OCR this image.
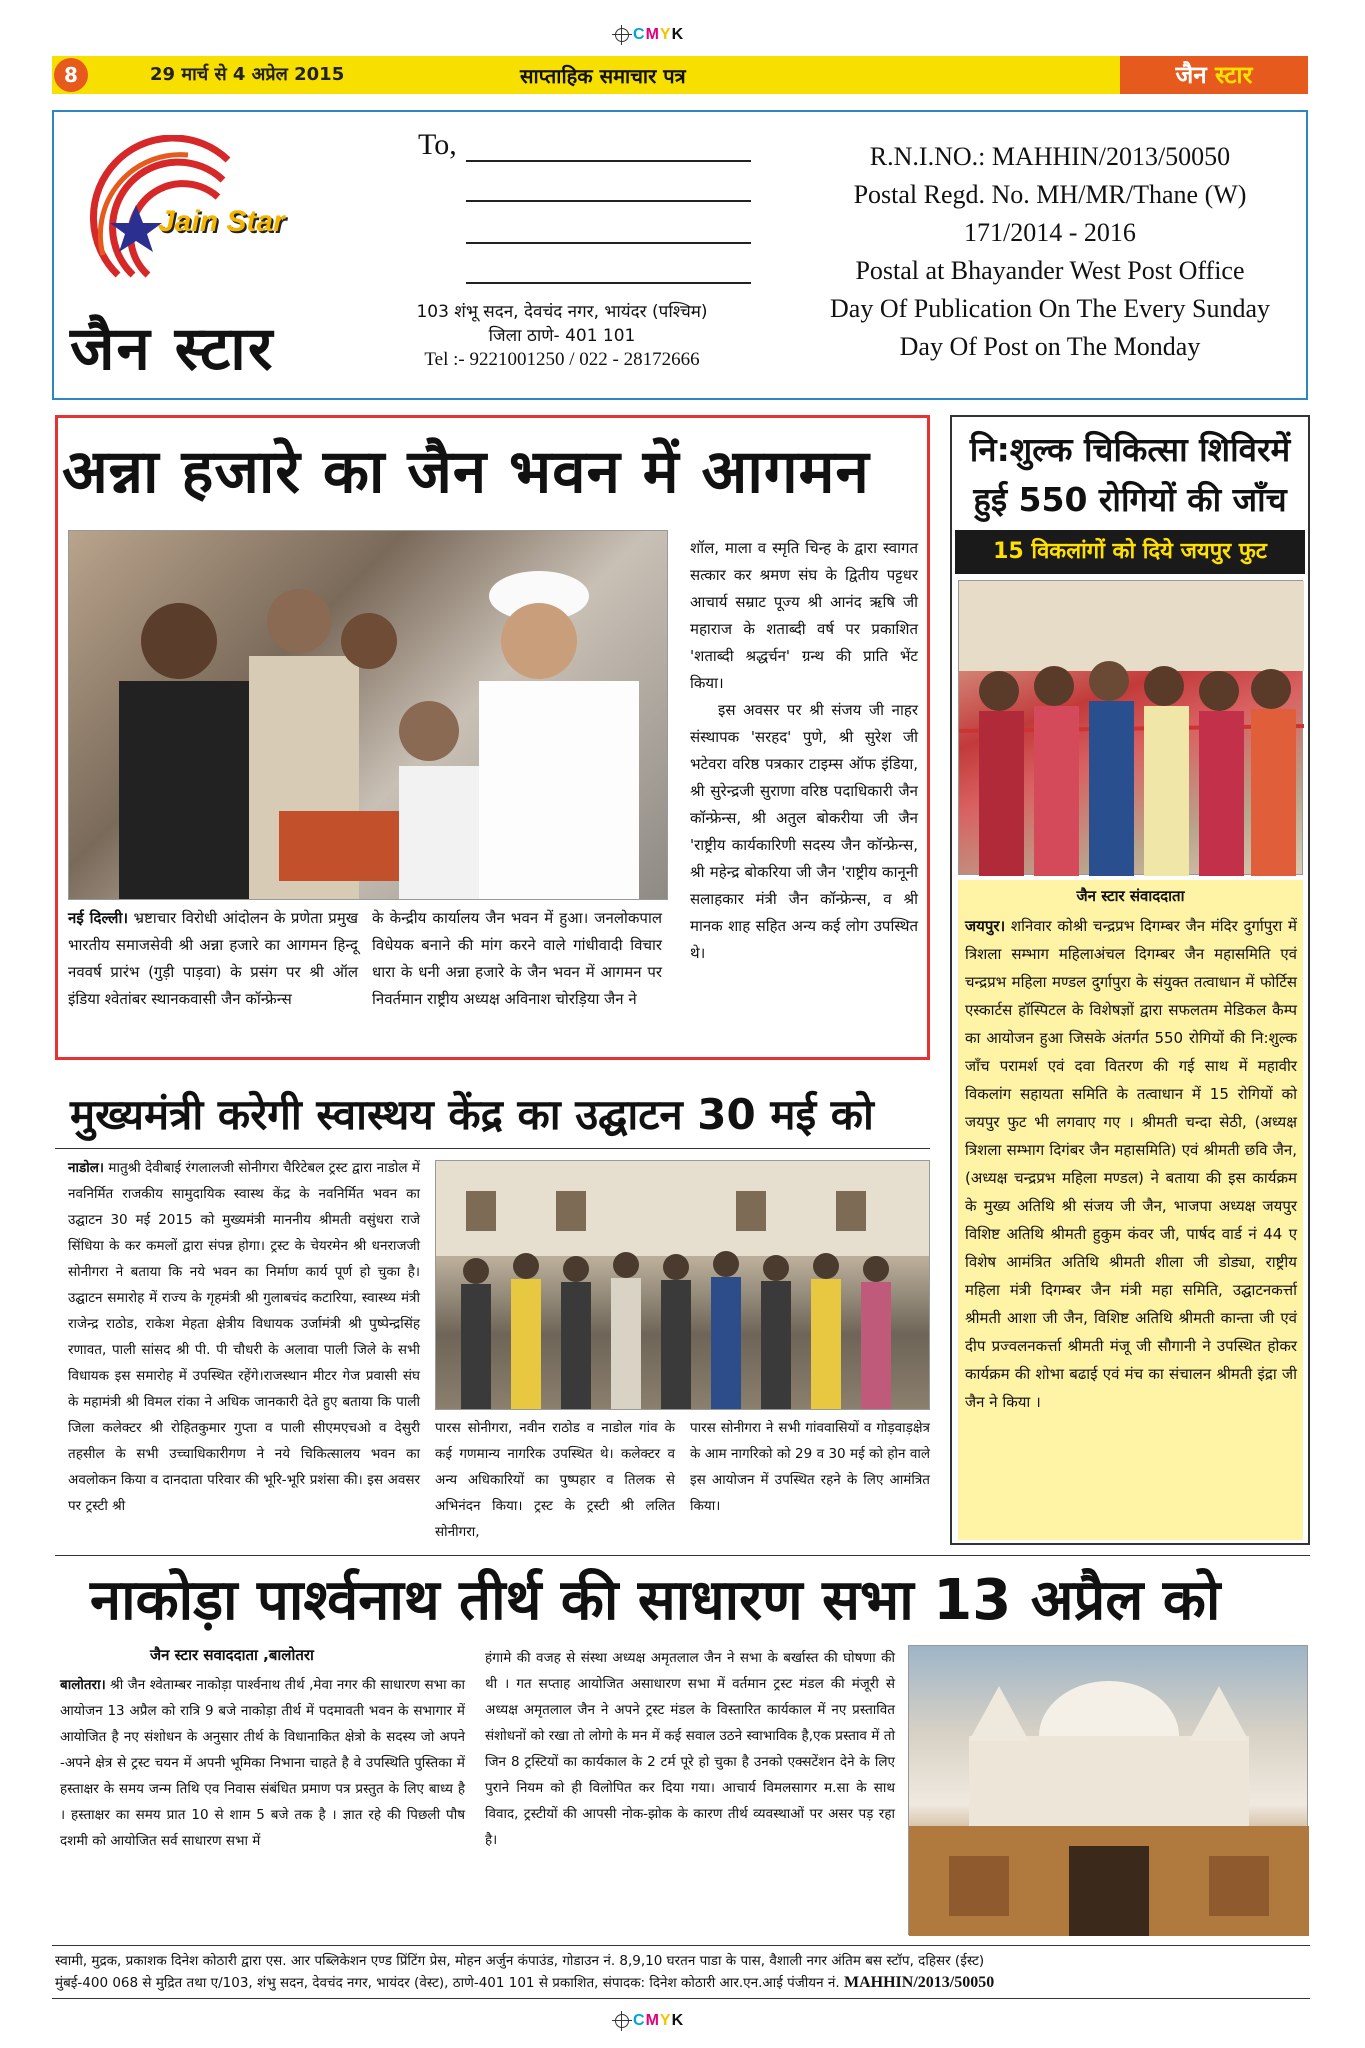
CMYK
8	29 मार्च से 4 अप्रेल 2015	साप्ताहिक समाचार पत्र	जैन स्टार
Jain Star
जैन स्टार
To,
103 शंभू सदन, देवचंद नगर, भायंदर (पश्चिम)
जिला ठाणे- 401 101
Tel :- 9221001250 / 022 - 28172666
R.N.I.NO.: MAHHIN/2013/50050
Postal Regd. No. MH/MR/Thane (W)
171/2014 - 2016
Postal at Bhayander West Post Office
Day Of Publication On The Every Sunday
Day Of Post on The Monday
अन्ना हजारे का जैन भवन में आगमन
नई दिल्ली। भ्रष्टाचार विरोधी आंदोलन के प्रणेता प्रमुख भारतीय समाजसेवी श्री अन्ना हजारे का आगमन हिन्दू नववर्ष प्रारंभ (गुड़ी पाड़वा) के प्रसंग पर श्री ऑल इंडिया श्वेतांबर स्थानकवासी जैन कॉन्फ्रेन्स
के केन्द्रीय कार्यालय जैन भवन में हुआ। जनलोकपाल विधेयक बनाने की मांग करने वाले गांधीवादी विचार धारा के धनी अन्ना हजारे के जैन भवन में आगमन पर निवर्तमान राष्ट्रीय अध्यक्ष अविनाश चोरड़िया जैन ने
शॉल, माला व स्मृति चिन्ह के द्वारा स्वागत सत्कार कर श्रमण संघ के द्वितीय पट्टधर आचार्य सम्राट पूज्य श्री आनंद ऋषि जी महाराज के शताब्दी वर्ष पर प्रकाशित 'शताब्दी श्रद्धर्चन' ग्रन्थ की प्राति भेंट किया।
इस अवसर पर श्री संजय जी नाहर संस्थापक 'सरहद' पुणे, श्री सुरेश जी भटेवरा वरिष्ठ पत्रकार टाइम्स ऑफ इंडिया, श्री सुरेन्द्रजी सुराणा वरिष्ठ पदाधिकारी जैन कॉन्फ्रेन्स, श्री अतुल बोकरीया जी जैन 'राष्ट्रीय कार्यकारिणी सदस्य जैन कॉन्फ्रेन्स, श्री महेन्द्र बोकरिया जी जैन 'राष्ट्रीय कानूनी सलाहकार मंत्री जैन कॉन्फ्रेन्स, व श्री मानक शाह सहित अन्य कई लोग उपस्थित थे।
नि:शुल्क चिकित्सा शिविरमें
हुई 550 रोगियों की जाँच
15 विकलांगों को दिये जयपुर फुट
जैन स्टार संवाददाता
जयपुर। शनिवार कोश्री चन्द्रप्रभ दिगम्बर जैन मंदिर दुर्गापुरा में त्रिशला सम्भाग महिलाअंचल दिगम्बर जैन महासमिति एवं चन्द्रप्रभ महिला मण्डल दुर्गापुरा के संयुक्त तत्वाधान में फोर्टिस एस्कार्टस हॉस्पिटल के विशेषज्ञों द्वारा सफलतम मेडिकल कैम्प का आयोजन हुआ जिसके अंतर्गत 550 रोगियों की नि:शुल्क जाँच परामर्श एवं दवा वितरण की गई साथ में महावीर विकलांग सहायता समिति के तत्वाधान में 15 रोगियों को जयपुर फुट भी लगवाए गए । श्रीमती चन्दा सेठी, (अध्यक्ष त्रिशला सम्भाग दिगंबर जैन महासमिति) एवं श्रीमती छवि जैन, (अध्यक्ष चन्द्रप्रभ महिला मण्डल) ने बताया की इस कार्यक्रम के मुख्य अतिथि श्री संजय जी जैन, भाजपा अध्यक्ष जयपुर विशिष्ट अतिथि श्रीमती हुकुम कंवर जी, पार्षद वार्ड नं 44 ए विशेष आमंत्रित अतिथि श्रीमती शीला जी डोड्या, राष्ट्रीय महिला मंत्री दिगम्बर जैन मंत्री महा समिति, उद्घाटनकर्त्ता श्रीमती आशा जी जैन, विशिष्ट अतिथि श्रीमती कान्ता जी एवं दीप प्रज्वलनकर्त्ता श्रीमती मंजू जी सौगानी ने उपस्थित होकर कार्यक्रम की शोभा बढाई एवं मंच का संचालन श्रीमती इंद्रा जी जैन ने किया ।
मुख्यमंत्री करेगी स्वास्थय केंद्र का उद्घाटन 30 मई को
नाडोल। मातुश्री देवीबाई रंगलालजी सोनीगरा चैरिटेबल ट्रस्ट द्वारा नाडोल में नवनिर्मित राजकीय सामुदायिक स्वास्थ केंद्र के नवनिर्मित भवन का उद्घाटन 30 मई 2015 को मुख्यमंत्री माननीय श्रीमती वसुंधरा राजे सिंधिया के कर कमलों द्वारा संपन्न होगा। ट्रस्ट के चेयरमेन श्री धनराजजी सोनीगरा ने बताया कि नये भवन का निर्माण कार्य पूर्ण हो चुका है। उद्घाटन समारोह में राज्य के गृहमंत्री श्री गुलाबचंद कटारिया, स्वास्थ्य मंत्री राजेन्द्र राठोड, राकेश मेहता क्षेत्रीय विधायक उर्जामंत्री श्री पुष्पेन्द्रसिंह रणावत, पाली सांसद श्री पी. पी चौधरी के अलावा पाली जिले के सभी विधायक इस समारोह में उपस्थित रहेंगे।राजस्थान मीटर गेज प्रवासी संघ के महामंत्री श्री विमल रांका ने अधिक जानकारी देते हुए बताया कि पाली जिला कलेक्टर श्री रोहितकुमार गुप्ता व पाली सीएमएचओ व देसुरी तहसील के सभी उच्चाधिकारीगण ने नये चिकित्सालय भवन का अवलोकन किया व दानदाता परिवार की भूरि-भूरि प्रशंसा की। इस अवसर पर ट्रस्टी श्री
पारस सोनीगरा, नवीन राठोड व नाडोल गांव के कई गणमान्य नागरिक उपस्थित थे। कलेक्टर व अन्य अधिकारियों का पुष्पहार व तिलक से अभिनंदन किया। ट्रस्ट के ट्रस्टी श्री ललित सोनीगरा,
पारस सोनीगरा ने सभी गांववासियों व गोड़वाड़क्षेत्र के आम नागरिको को 29 व 30 मई को होन वाले इस आयोजन में उपस्थित रहने के लिए आमंत्रित किया।
नाकोड़ा पार्श्वनाथ तीर्थ की साधारण सभा 13 अप्रैल को
जैन स्टार सवाददाता ,बालोतरा
बालोतरा। श्री जैन श्वेताम्बर नाकोड़ा पार्श्वनाथ तीर्थ ,मेवा नगर की साधारण सभा का आयोजन 13 अप्रैल को रात्रि 9 बजे नाकोड़ा तीर्थ में पदमावती भवन के सभागार में आयोजित है नए संशोधन के अनुसार तीर्थ के विधानाकित क्षेत्रो के सदस्य जो अपने -अपने क्षेत्र से ट्रस्ट चयन में अपनी भूमिका निभाना चाहते है वे उपस्थिति पुस्तिका में हस्ताक्षर के समय जन्म तिथि एव निवास संबंधित प्रमाण पत्र प्रस्तुत के लिए बाध्य है । हस्ताक्षर का समय प्रात 10 से शाम 5 बजे तक है । ज्ञात रहे की पिछली पौष दशमी को आयोजित सर्व साधारण सभा में
हंगामे की वजह से संस्था अध्यक्ष अमृतलाल जैन ने सभा के बर्खास्त की घोषणा की थी । गत सप्ताह आयोजित असाधारण सभा में वर्तमान ट्रस्ट मंडल की मंजूरी से अध्यक्ष अमृतलाल जैन ने अपने ट्रस्ट मंडल के विस्तारित कार्यकाल में नए प्रस्तावित संशोधनों को रखा तो लोगो के मन में कई सवाल उठने स्वाभाविक है,एक प्रस्ताव में तो जिन 8 ट्रस्टियों का कार्यकाल के 2 टर्म पूरे हो चुका है उनको एक्सटेंशन देने के लिए पुराने नियम को ही विलोपित कर दिया गया। आचार्य विमलसागर म.सा के साथ विवाद, ट्रस्टीयों की आपसी नोक-झोक के कारण तीर्थ व्यवस्थाओं पर असर पड़ रहा है।
स्वामी, मुद्रक, प्रकाशक दिनेश कोठारी द्वारा एस. आर पब्लिकेशन एण्ड प्रिंटिंग प्रेस, मोहन अर्जुन कंपाउंड, गोडाउन नं. 8,9,10 घरतन पाडा के पास, वैशाली नगर अंतिम बस स्टॉप, दहिसर (ईस्ट)
मुंबई-400 068 से मुद्रित तथा ए/103, शंभु सदन, देवचंद नगर, भायंदर (वेस्ट), ठाणे-401 101 से प्रकाशित, संपादक: दिनेश कोठारी आर.एन.आई पंजीयन नं. MAHHIN/2013/50050
CMYK
